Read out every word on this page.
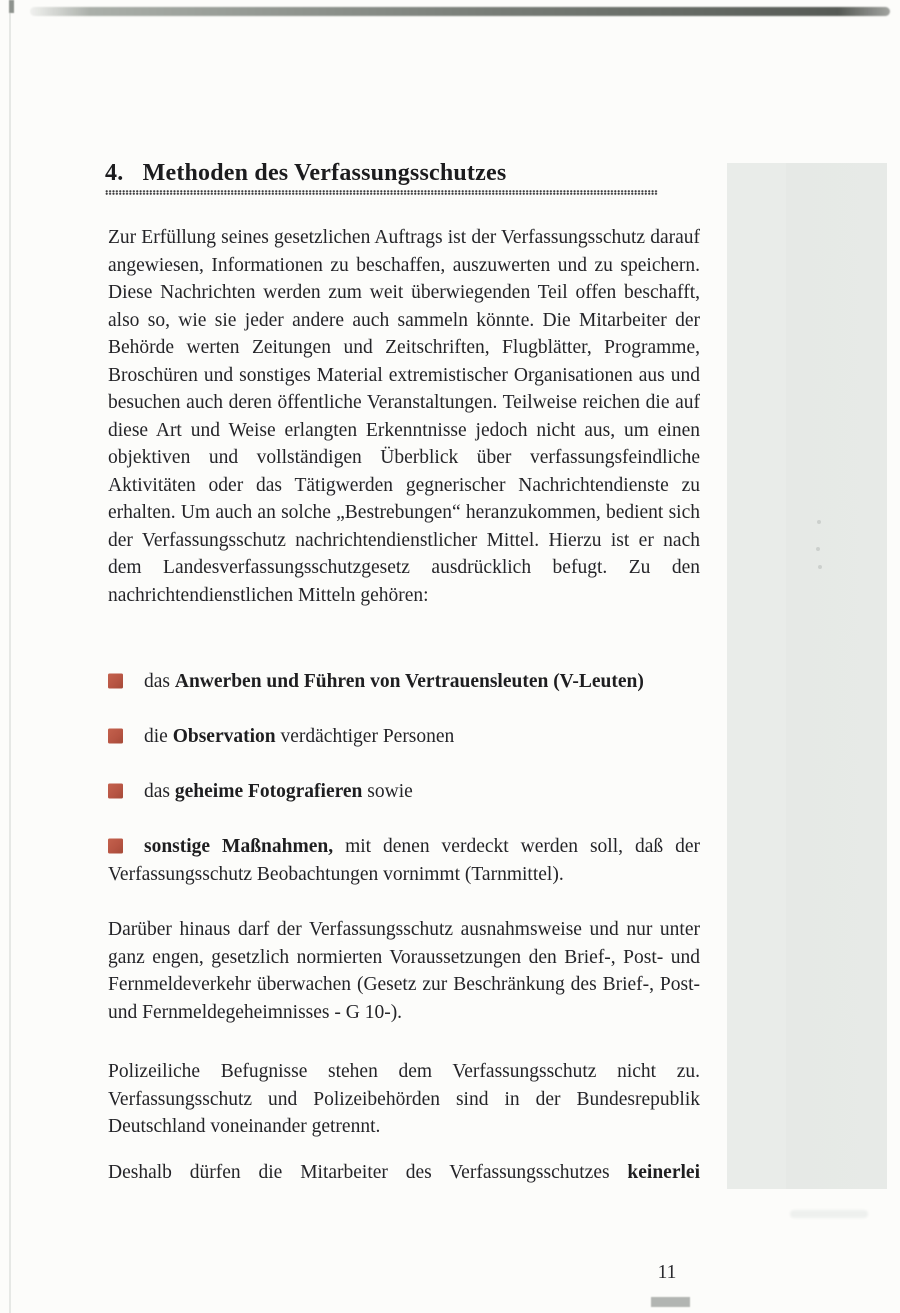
4. Methoden des Verfassungsschutzes

Zur Erfüllung seines gesetzlichen Auftrags ist der Verfassungsschutz darauf angewiesen, Informationen zu beschaffen, auszuwerten und zu speichern. Diese Nachrichten werden zum weit überwiegenden Teil offen beschafft, also so, wie sie jeder andere auch sammeln könnte. Die Mitarbeiter der Behörde werten Zeitungen und Zeitschriften, Flugblätter, Programme, Broschüren und sonstiges Material extremistischer Organisationen aus und besuchen auch deren öffentliche Veranstaltungen. Teilweise reichen die auf diese Art und Weise erlangten Erkenntnisse jedoch nicht aus, um einen objektiven und vollständigen Überblick über verfassungsfeindliche Aktivitäten oder das Tätigwerden gegnerischer Nachrichtendienste zu erhalten. Um auch an solche „Bestrebungen“ heranzukommen, bedient sich der Verfassungsschutz nachrichtendienstlicher Mittel. Hierzu ist er nach dem Landesverfassungsschutzgesetz ausdrücklich befugt. Zu den nachrichtendienstlichen Mitteln gehören:

das Anwerben und Führen von Vertrauensleuten (V-Leuten)
die Observation verdächtiger Personen
das geheime Fotografieren sowie
sonstige Maßnahmen, mit denen verdeckt werden soll, daß der Verfassungsschutz Beobachtungen vornimmt (Tarnmittel).

Darüber hinaus darf der Verfassungsschutz ausnahmsweise und nur unter ganz engen, gesetzlich normierten Voraussetzungen den Brief-, Post- und Fernmeldeverkehr überwachen (Gesetz zur Beschränkung des Brief-, Post- und Fernmeldegeheimnisses - G 10-).

Polizeiliche Befugnisse stehen dem Verfassungsschutz nicht zu. Verfassungsschutz und Polizeibehörden sind in der Bundesrepublik Deutschland voneinander getrennt.

Deshalb dürfen die Mitarbeiter des Verfassungsschutzes keinerlei

11
